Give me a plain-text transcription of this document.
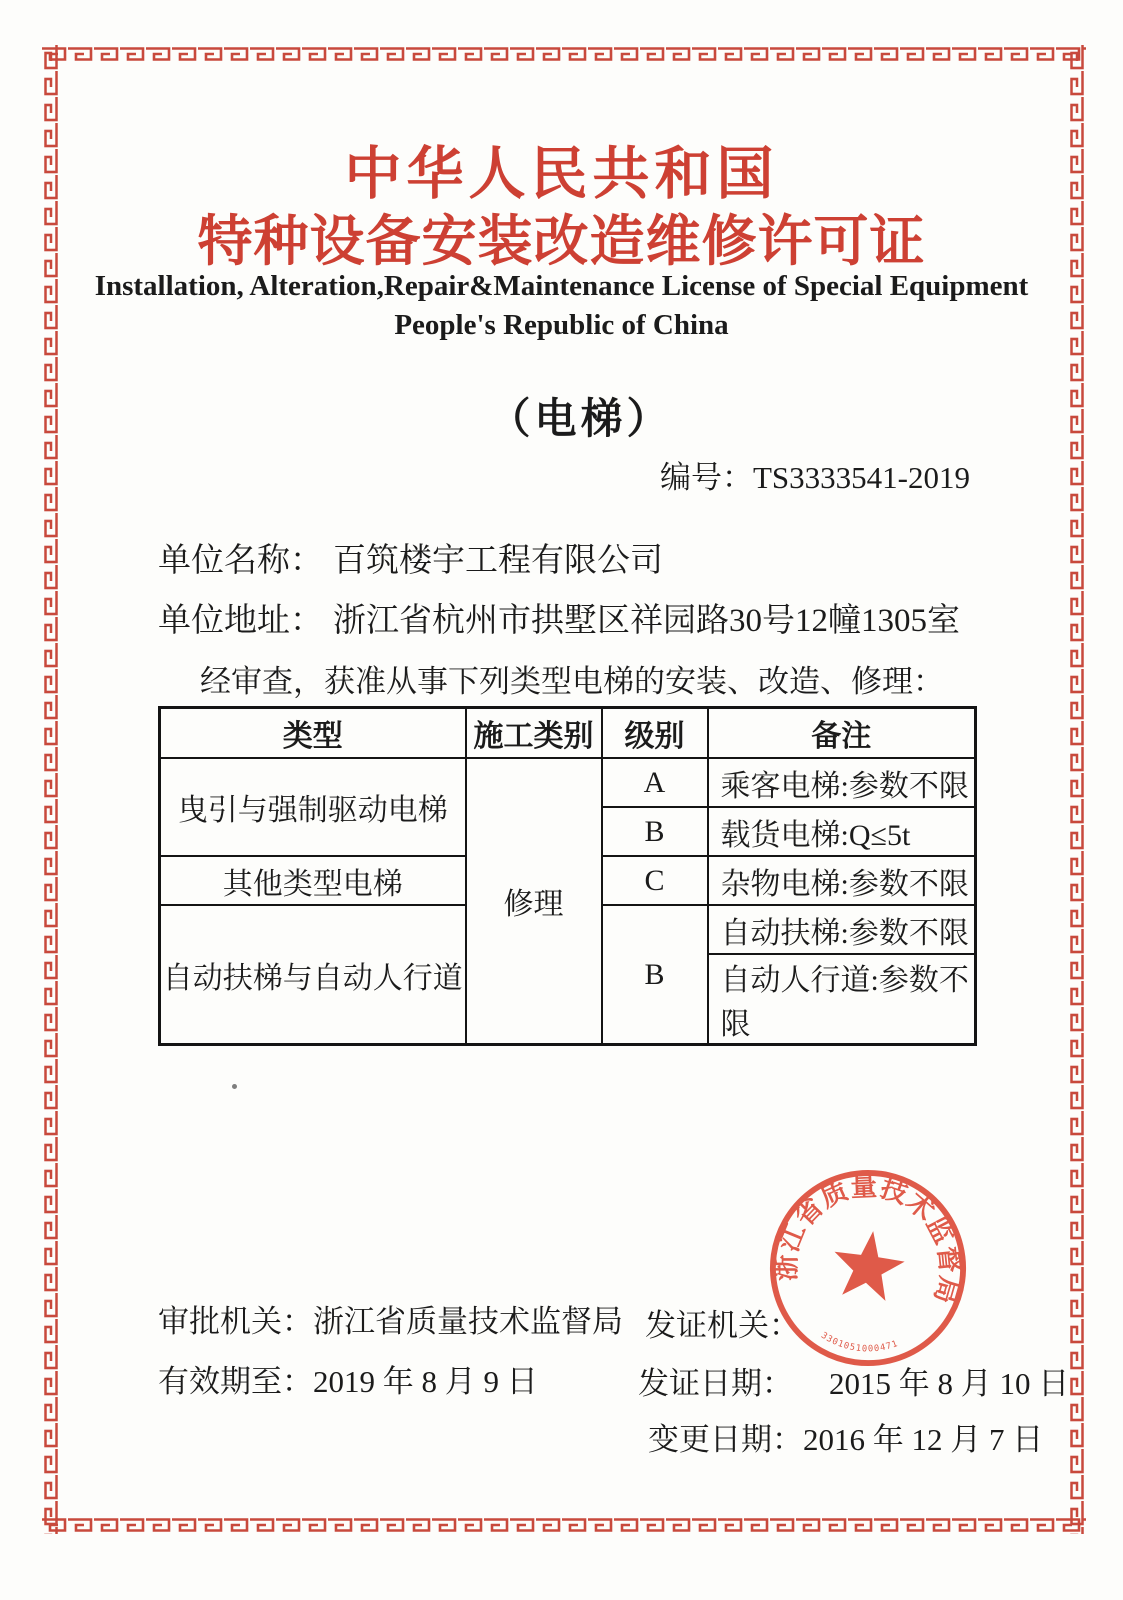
中华人民共和国
特种设备安装改造维修许可证
Installation, Alteration,Repair&Maintenance License of Special Equipment
People's Republic of China
（电梯）
编号：TS3333541-2019
单位名称： 百筑楼宇工程有限公司
单位地址： 浙江省杭州市拱墅区祥园路30号12幢1305室
经审查，获准从事下列类型电梯的安装、改造、修理：
类型	施工类别	级别	备注
曳引与强制驱动电梯	修理	A	乘客电梯:参数不限
		B	载货电梯:Q≤5t
其他类型电梯		C	杂物电梯:参数不限
自动扶梯与自动人行道		B	自动扶梯:参数不限
			自动人行道:参数不限
审批机关：浙江省质量技术监督局 发证机关：
有效期至：2019 年 8 月 9 日	发证日期： 2015 年 8 月 10 日
变更日期：2016 年 12 月 7 日
浙江省质量技术监督局
3301051000471
